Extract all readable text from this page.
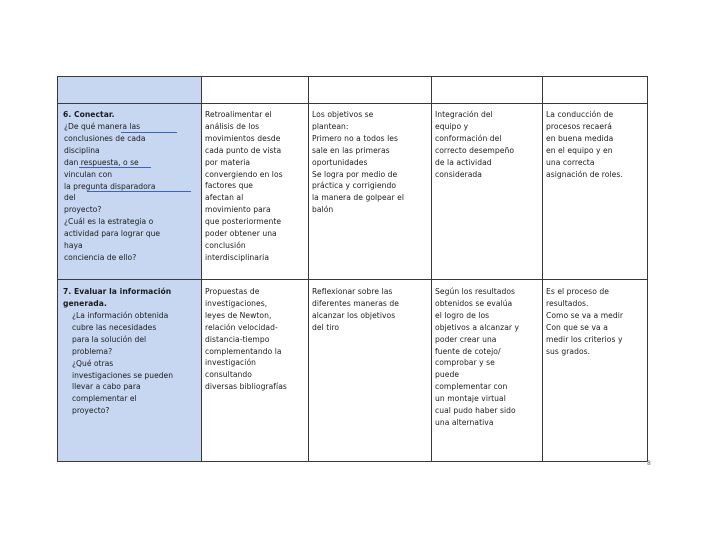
6. Conectar.
¿De qué manera las
conclusiones de cada
disciplina
dan respuesta, o se
vinculan con
la pregunta disparadora
del
proyecto?
¿Cuál es la estrategia o
actividad para lograr que
haya
conciencia de ello?
Retroalimentar el
análisis de los
movimientos desde
cada punto de vista
por materia
convergiendo en los
factores que
afectan al
movimiento para
que posteriormente
poder obtener una
conclusión
interdisciplinaria
Los objetivos se
plantean:
Primero no a todos les
sale en las primeras
oportunidades
Se logra por medio de
práctica y corrigiendo
la manera de golpear el
balón
Integración del
equipo y
conformación del
correcto desempeño
de la actividad
considerada
La conducción de
procesos recaerá
en buena medida
en el equipo y en
una correcta
asignación de roles.
7. Evaluar la información
generada.
¿La información obtenida
cubre las necesidades
para la solución del
problema?
¿Qué otras
investigaciones se pueden
llevar a cabo para
complementar el
proyecto?
Propuestas de
investigaciones,
leyes de Newton,
relación velocidad-
distancia-tiempo
complementando la
investigación
consultando
diversas bibliografías
Reflexionar sobre las
diferentes maneras de
alcanzar los objetivos
del tiro
Según los resultados
obtenidos se evalúa
el logro de los
objetivos a alcanzar y
poder crear una
fuente de cotejo/
comprobar y se
puede
complementar con
un montaje virtual
cual pudo haber sido
una alternativa
Es el proceso de
resultados.
Como se va a medir
Con que se va a
medir los criterios y
sus grados.
8
